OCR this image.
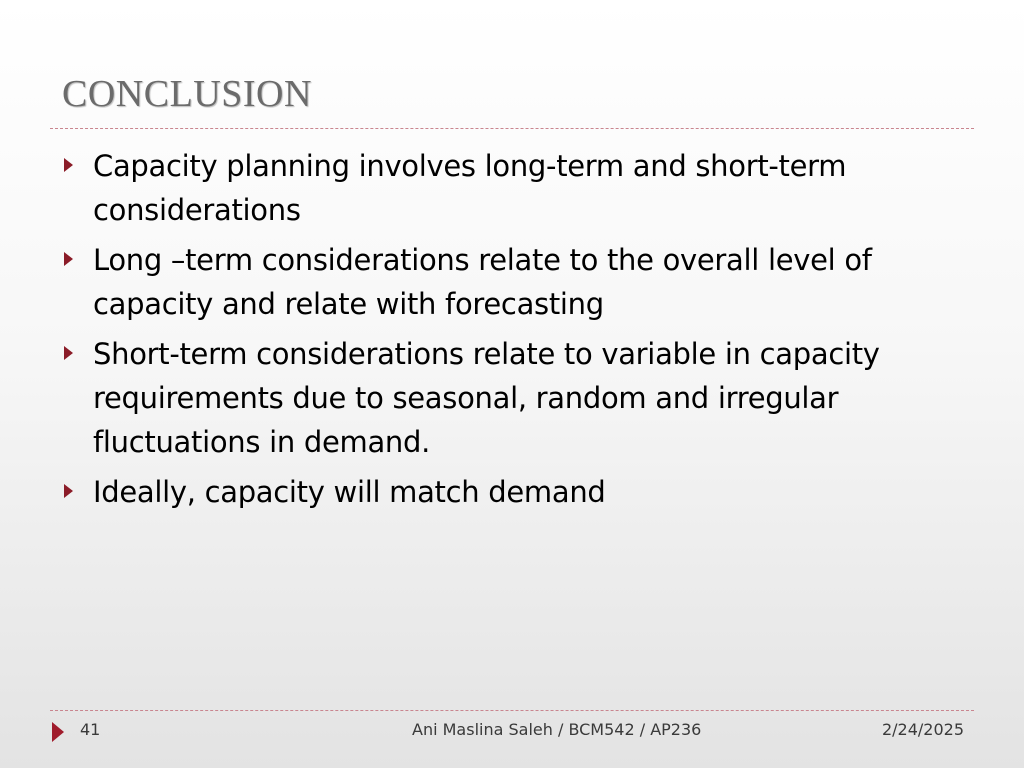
CONCLUSION
Capacity planning involves long-term and short-term considerations
Long –term considerations relate to the overall level of capacity and relate with forecasting
Short-term considerations relate to variable in capacity requirements due to seasonal, random and irregular fluctuations in demand.
Ideally, capacity will match demand
41	Ani Maslina Saleh / BCM542 / AP236	2/24/2025
